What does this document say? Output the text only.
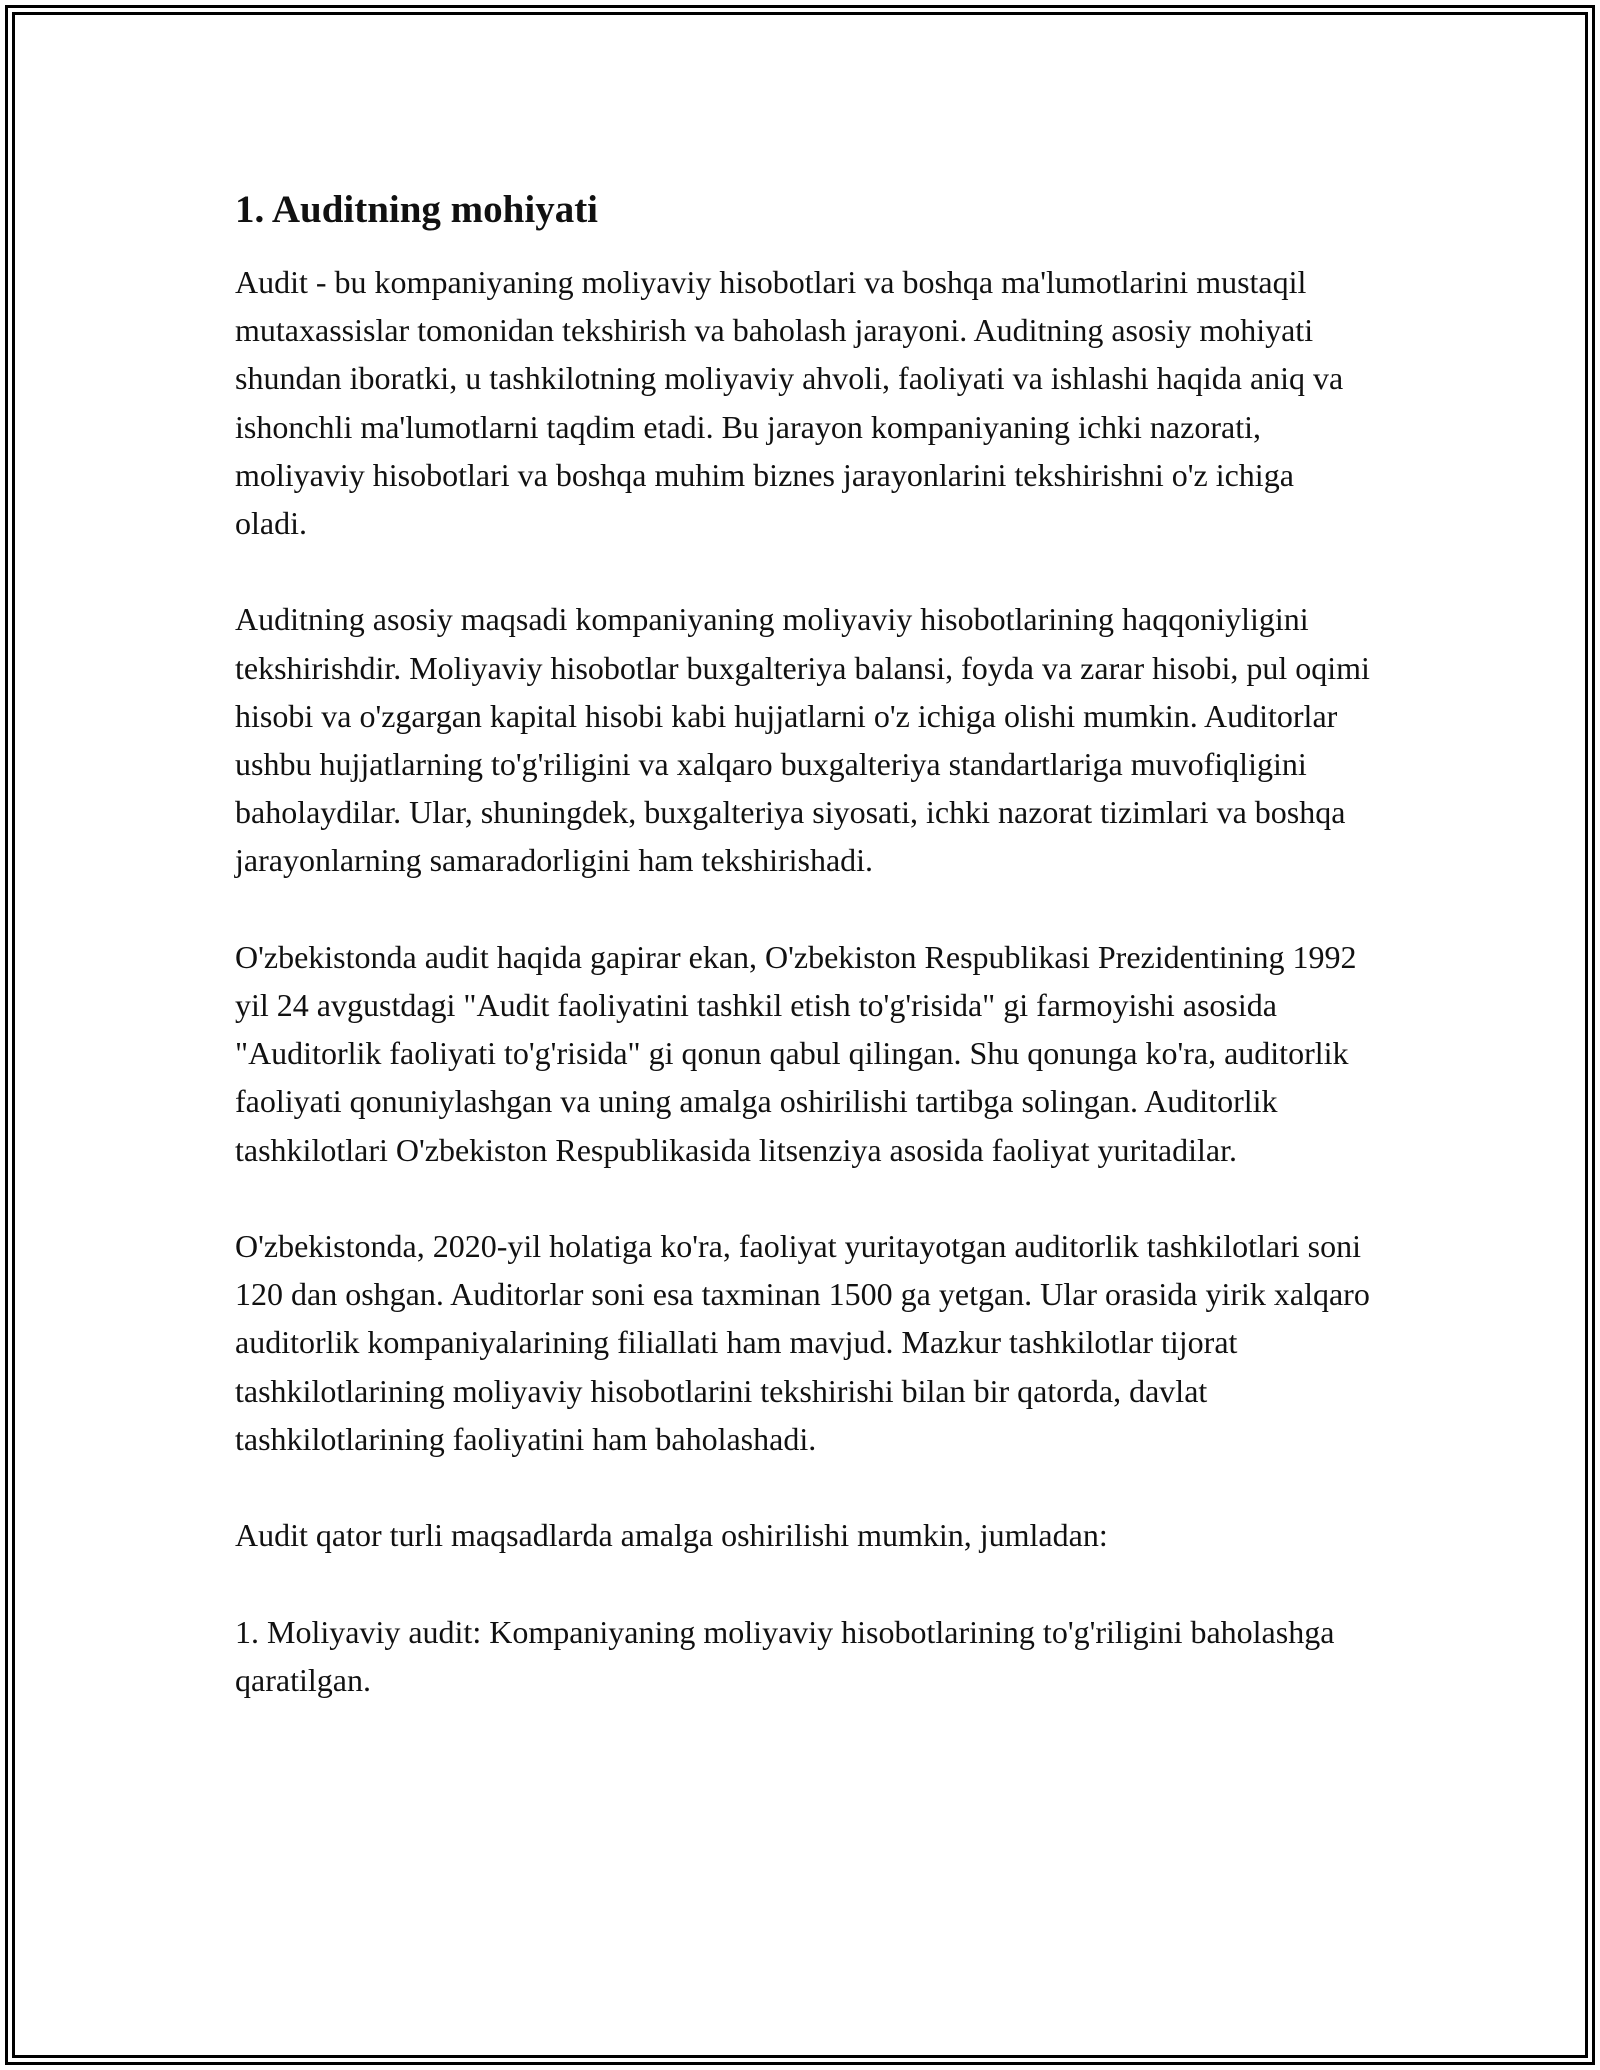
1. Auditning mohiyati

Audit - bu kompaniyaning moliyaviy hisobotlari va boshqa ma'lumotlarini mustaqil mutaxassislar tomonidan tekshirish va baholash jarayoni. Auditning asosiy mohiyati shundan iboratki, u tashkilotning moliyaviy ahvoli, faoliyati va ishlashi haqida aniq va ishonchli ma'lumotlarni taqdim etadi. Bu jarayon kompaniyaning ichki nazorati, moliyaviy hisobotlari va boshqa muhim biznes jarayonlarini tekshirishni o'z ichiga oladi.

Auditning asosiy maqsadi kompaniyaning moliyaviy hisobotlarining haqqoniyligini tekshirishdir. Moliyaviy hisobotlar buxgalteriya balansi, foyda va zarar hisobi, pul oqimi hisobi va o'zgargan kapital hisobi kabi hujjatlarni o'z ichiga olishi mumkin. Auditorlar ushbu hujjatlarning to'g'riligini va xalqaro buxgalteriya standartlariga muvofiqligini baholaydilar. Ular, shuningdek, buxgalteriya siyosati, ichki nazorat tizimlari va boshqa jarayonlarning samaradorligini ham tekshirishadi.

O'zbekistonda audit haqida gapirar ekan, O'zbekiston Respublikasi Prezidentining 1992 yil 24 avgustdagi "Audit faoliyatini tashkil etish to'g'risida" gi farmoyishi asosida "Auditorlik faoliyati to'g'risida" gi qonun qabul qilingan. Shu qonunga ko'ra, auditorlik faoliyati qonuniylashgan va uning amalga oshirilishi tartibga solingan. Auditorlik tashkilotlari O'zbekiston Respublikasida litsenziya asosida faoliyat yuritadilar.

O'zbekistonda, 2020-yil holatiga ko'ra, faoliyat yuritayotgan auditorlik tashkilotlari soni 120 dan oshgan. Auditorlar soni esa taxminan 1500 ga yetgan. Ular orasida yirik xalqaro auditorlik kompaniyalarining filiallati ham mavjud. Mazkur tashkilotlar tijorat tashkilotlarining moliyaviy hisobotlarini tekshirishi bilan bir qatorda, davlat tashkilotlarining faoliyatini ham baholashadi.

Audit qator turli maqsadlarda amalga oshirilishi mumkin, jumladan:

1. Moliyaviy audit: Kompaniyaning moliyaviy hisobotlarining to'g'riligini baholashga qaratilgan.
